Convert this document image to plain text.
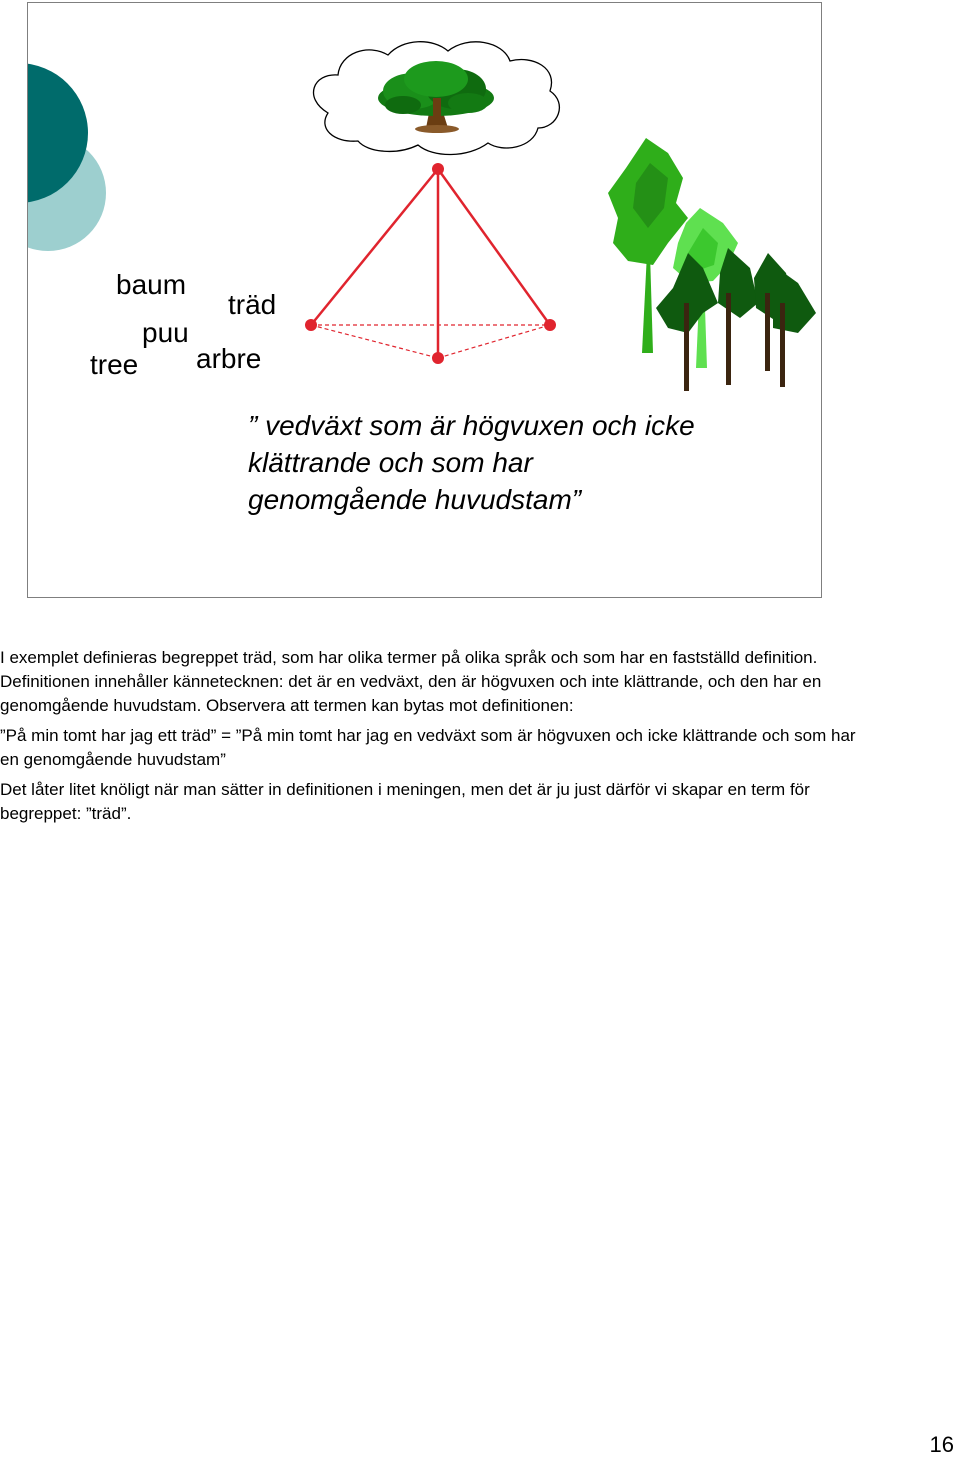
baum
träd
puu
tree arbre
” vedväxt som är högvuxen och icke klättrande och som har genomgående huvudstam”

I exemplet definieras begreppet träd, som har olika termer på olika språk och som har en fastställd definition. Definitionen innehåller kännetecknen: det är en vedväxt, den är högvuxen och inte klättrande, och den har en genomgående huvudstam. Observera att termen kan bytas mot definitionen:

”På min tomt har jag ett träd” = ”På min tomt har jag en vedväxt som är högvuxen och icke klättrande och som har en genomgående huvudstam”

Det låter litet knöligt när man sätter in definitionen i meningen, men det är ju just därför vi skapar en term för begreppet: ”träd”.

16
